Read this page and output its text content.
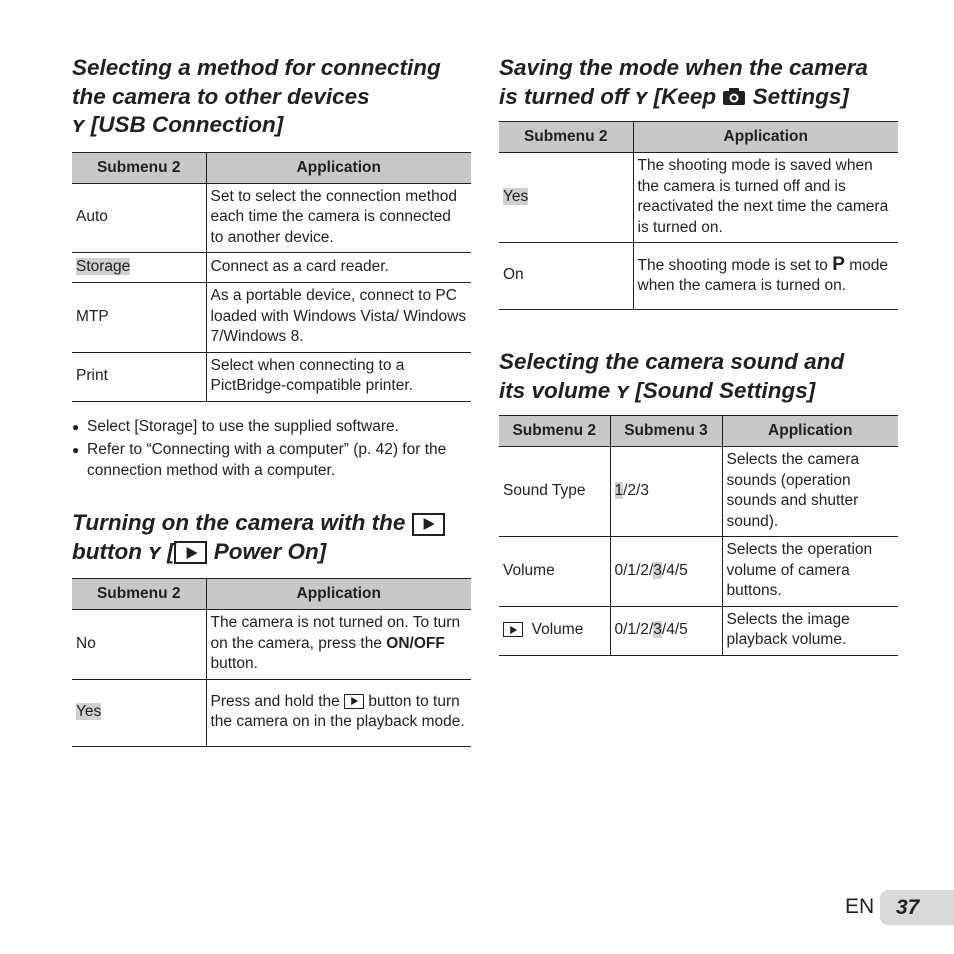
Selecting a method for connecting
the camera to other devices
ʏ [USB Connection]
Submenu 2	Application
Auto	Set to select the connection method each time the camera is connected to another device.
Storage	Connect as a card reader.
MTP	As a portable device, connect to PC loaded with Windows Vista/ Windows 7/Windows 8.
Print	Select when connecting to a PictBridge-compatible printer.
● Select [Storage] to use the supplied software.
● Refer to “Connecting with a computer” (p. 42) for the connection method with a computer.
Turning on the camera with the
button ʏ [ Power On]
Submenu 2	Application
No	The camera is not turned on. To turn on the camera, press the ON/OFF button.
Yes	Press and hold the button to turn the camera on in the playback mode.
Saving the mode when the camera
is turned off ʏ [Keep Settings]
Submenu 2	Application
Yes	The shooting mode is saved when the camera is turned off and is reactivated the next time the camera is turned on.
On	The shooting mode is set to P mode when the camera is turned on.
Selecting the camera sound and
its volume ʏ [Sound Settings]
Submenu 2	Submenu 3	Application
Sound Type	1/2/3	Selects the camera sounds (operation sounds and shutter sound).
Volume	0/1/2/3/4/5	Selects the operation volume of camera buttons.
Volume	0/1/2/3/4/5	Selects the image playback volume.
EN	37
